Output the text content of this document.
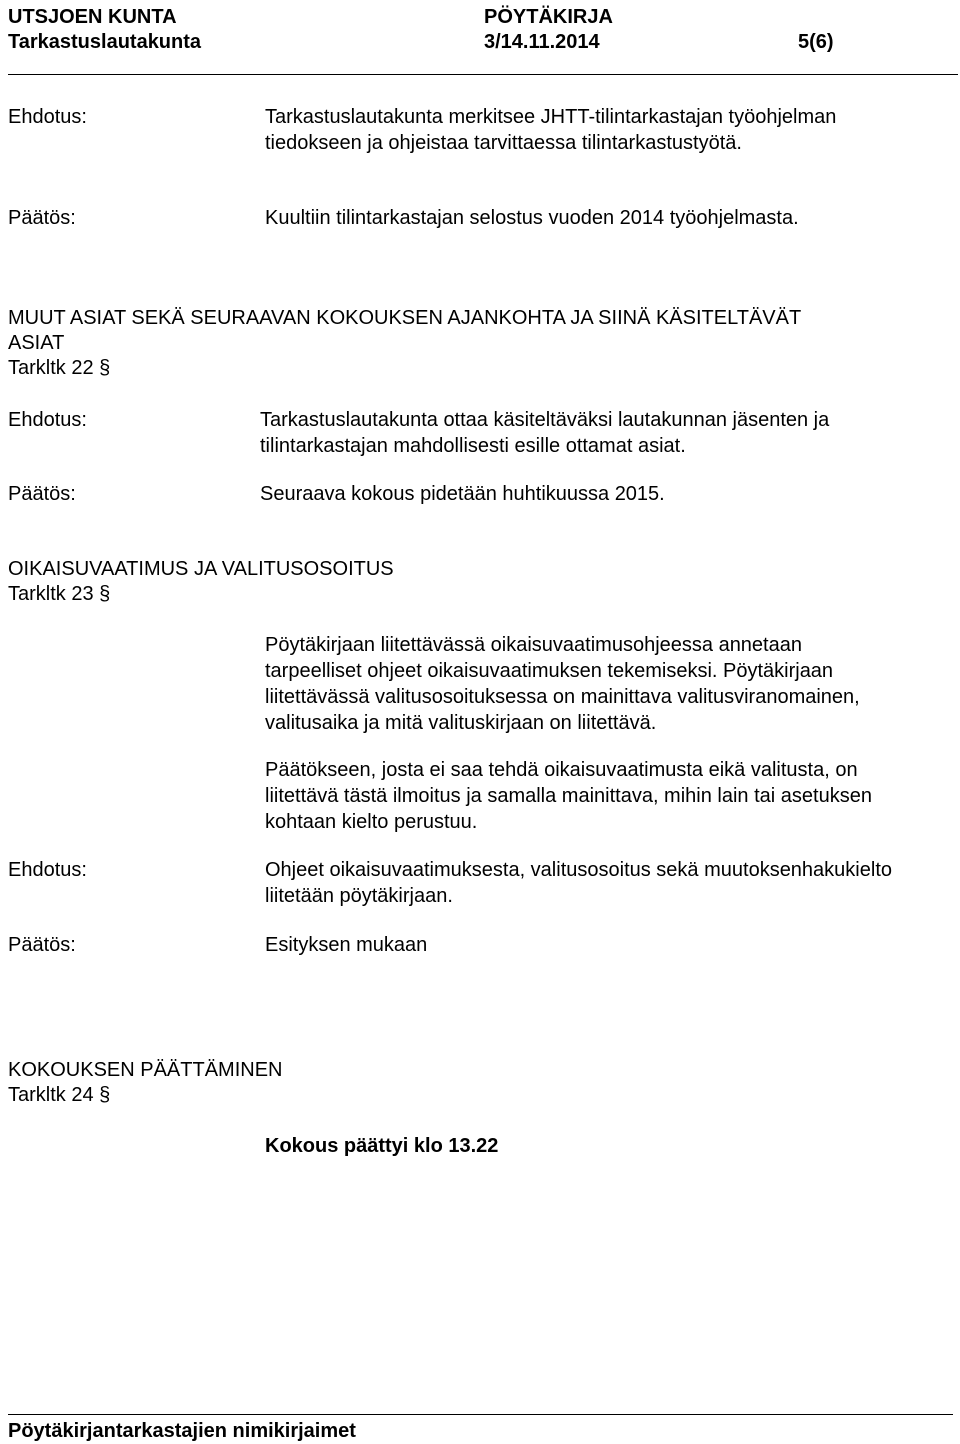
UTSJOEN KUNTA	PÖYTÄKIRJA
Tarkastuslautakunta	3/14.11.2014	5(6)
Ehdotus:	Tarkastuslautakunta merkitsee JHTT-tilintarkastajan työohjelman
tiedokseen ja ohjeistaa tarvittaessa tilintarkastustyötä.
Päätös:	Kuultiin tilintarkastajan selostus vuoden 2014 työohjelmasta.
MUUT ASIAT SEKÄ SEURAAVAN KOKOUKSEN AJANKOHTA JA SIINÄ KÄSITELTÄVÄT
ASIAT
Tarkltk 22 §
Ehdotus:	Tarkastuslautakunta ottaa käsiteltäväksi lautakunnan jäsenten ja
tilintarkastajan mahdollisesti esille ottamat asiat.
Päätös:	Seuraava kokous pidetään huhtikuussa 2015.
OIKAISUVAATIMUS JA VALITUSOSOITUS
Tarkltk 23 §
Pöytäkirjaan liitettävässä oikaisuvaatimusohjeessa annetaan
tarpeelliset ohjeet oikaisuvaatimuksen tekemiseksi. Pöytäkirjaan
liitettävässä valitusosoituksessa on mainittava valitusviranomainen,
valitusaika ja mitä valituskirjaan on liitettävä.
Päätökseen, josta ei saa tehdä oikaisuvaatimusta eikä valitusta, on
liitettävä tästä ilmoitus ja samalla mainittava, mihin lain tai asetuksen
kohtaan kielto perustuu.
Ehdotus:	Ohjeet oikaisuvaatimuksesta, valitusosoitus sekä muutoksenhakukielto
liitetään pöytäkirjaan.
Päätös:	Esityksen mukaan
KOKOUKSEN PÄÄTTÄMINEN
Tarkltk 24 §
Kokous päättyi klo 13.22
Pöytäkirjantarkastajien nimikirjaimet
